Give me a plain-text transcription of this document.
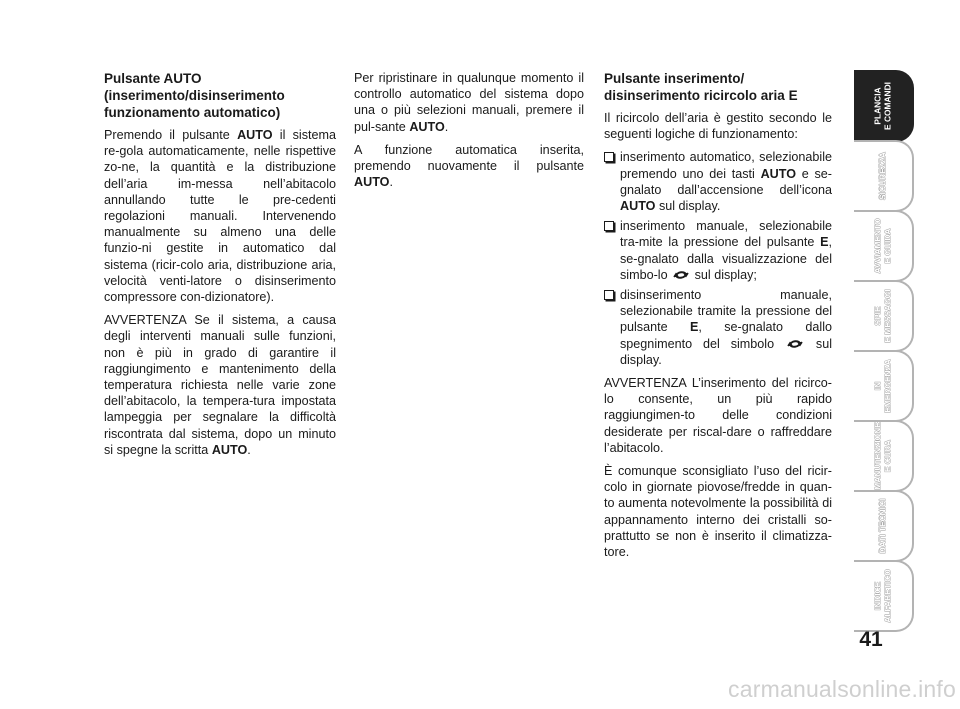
Pulsante AUTO (inserimento/disinserimento funzionamento automatico)

Premendo il pulsante AUTO il sistema re-gola automaticamente, nelle rispettive zo-ne, la quantità e la distribuzione dell’aria im-messa nell’abitacolo annullando tutte le pre-cedenti regolazioni manuali. Intervenendo manualmente su almeno una delle funzio-ni gestite in automatico dal sistema (ricir-colo aria, distribuzione aria, velocità venti-latore o disinserimento compressore con-dizionatore).

AVVERTENZA Se il sistema, a causa degli interventi manuali sulle funzioni, non è più in grado di garantire il raggiungimento e mantenimento della temperatura richiesta nelle varie zone dell’abitacolo, la tempera-tura impostata lampeggia per segnalare la difficoltà riscontrata dal sistema, dopo un minuto si spegne la scritta AUTO.

Per ripristinare in qualunque momento il controllo automatico del sistema dopo una o più selezioni manuali, premere il pul-sante AUTO.

A funzione automatica inserita, premendo nuovamente il pulsante AUTO.

Pulsante inserimento/ disinserimento ricircolo aria E

Il ricircolo dell’aria è gestito secondo le seguenti logiche di funzionamento:

inserimento automatico, selezionabile premendo uno dei tasti AUTO e se-gnalato dall’accensione dell’icona AUTO sul display.
inserimento manuale, selezionabile tra-mite la pressione del pulsante E, se-gnalato dalla visualizzazione del simbo-lo  sul display;
disinserimento manuale, selezionabile tramite la pressione del pulsante E, se-gnalato dallo spegnimento del simbolo  sul display.

AVVERTENZA L’inserimento del ricirco-lo consente, un più rapido raggiungimen-to delle condizioni desiderate per riscal-dare o raffreddare l’abitacolo.

È comunque sconsigliato l’uso del ricir-colo in giornate piovose/fredde in quan-to aumenta notevolmente la possibilità di appannamento interno dei cristalli so-prattutto se non è inserito il climatizza-tore.

PLANCIA
E COMANDI
SICUREZZA
AVVIAMENTO
E GUIDA
SPIE
E MESSAGGI
IN
EMERGENZA
MANUTENZIONE
E CURA
DATI TECNICI
INDICE
ALFABETICO
41
carmanualsonline.info
